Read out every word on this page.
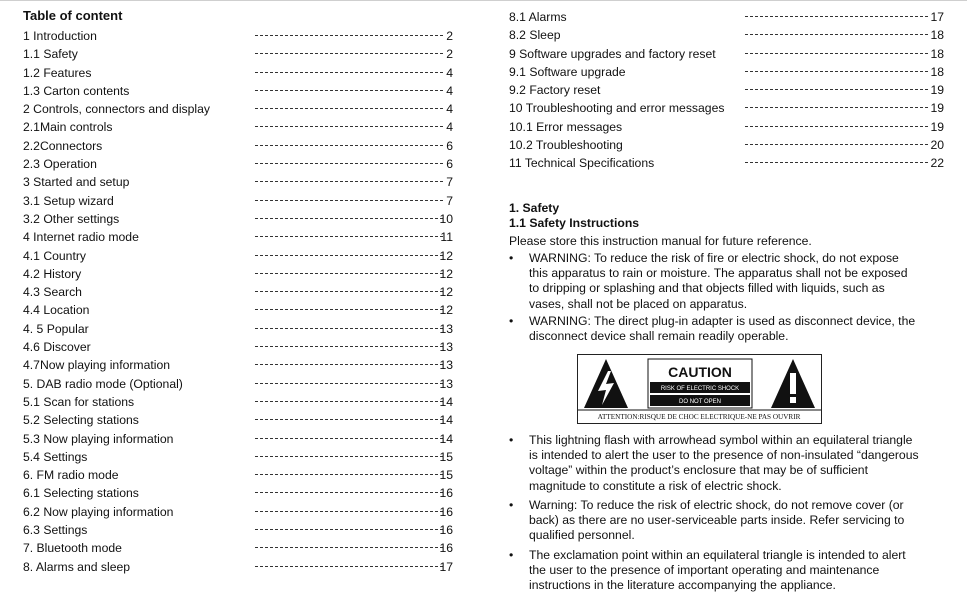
Table of content
1 Introduction	2
1.1 Safety	2
1.2 Features	4
1.3 Carton contents	4
2 Controls, connectors and display	4
2.1Main controls	4
2.2Connectors	6
2.3 Operation	6
3 Started and setup	7
3.1 Setup wizard	7
3.2 Other settings	10
4 Internet radio mode	11
4.1 Country	12
4.2 History	12
4.3 Search	12
4.4 Location	12
4. 5 Popular	13
4.6 Discover	13
4.7Now playing information	13
5. DAB radio mode (Optional)	13
5.1 Scan for stations	14
5.2 Selecting stations	14
5.3 Now playing information	14
5.4 Settings	15
6. FM radio mode	15
6.1 Selecting stations	16
6.2 Now playing information	16
6.3 Settings	16
7. Bluetooth mode	16
8. Alarms and sleep	17
8.1 Alarms	17
8.2 Sleep	18
9 Software upgrades and factory reset	18
9.1 Software upgrade	18
9.2 Factory reset	19
10 Troubleshooting and error messages	19
10.1 Error messages	19
10.2 Troubleshooting	20
11 Technical Specifications	22
1. Safety
1.1 Safety Instructions
Please store this instruction manual for future reference.
•	WARNING: To reduce the risk of fire or electric shock, do not expose this apparatus to rain or moisture. The apparatus shall not be exposed to dripping or splashing and that objects filled with liquids, such as vases, shall not be placed on apparatus.
•	WARNING: The direct plug-in adapter is used as disconnect device, the disconnect device shall remain readily operable.
CAUTION
RISK OF ELECTRIC SHOCK
DO NOT OPEN
ATTENTION:RISQUE DE CHOC ELECTRIQUE-NE PAS OUVRIR
•	This lightning flash with arrowhead symbol within an equilateral triangle is intended to alert the user to the presence of non-insulated “dangerous voltage” within the product’s enclosure that may be of sufficient magnitude to constitute a risk of electric shock.
•	Warning: To reduce the risk of electric shock, do not remove cover (or back) as there are no user-serviceable parts inside. Refer servicing to qualified personnel.
•	The exclamation point within an equilateral triangle is intended to alert the user to the presence of important operating and maintenance instructions in the literature accompanying the appliance.
